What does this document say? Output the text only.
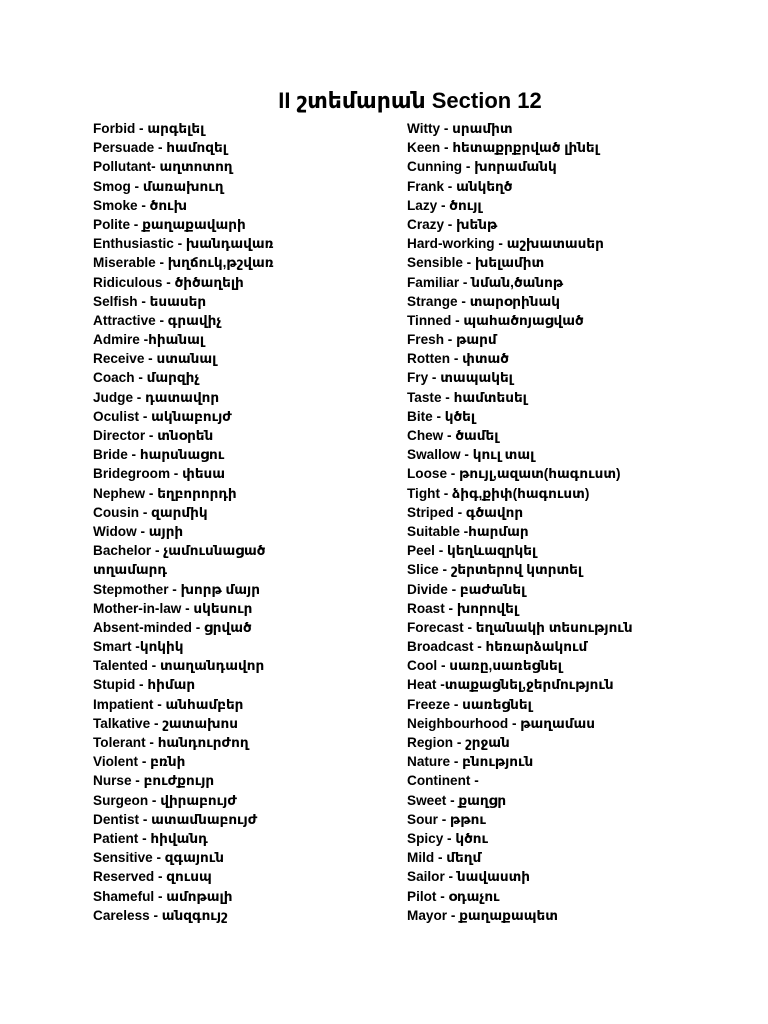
II շտեմարան Section 12
Forbid - արգելել
Persuade - համոզել
Pollutant- աղտոտող
Smog - մառախուղ
Smoke - ծուխ
Polite - քաղաքավարի
Enthusiastic - խանդավառ
Miserable - խղճուկ,թշվառ
Ridiculous - ծիծաղելի
Selfish - եսասեր
Attractive - գրավիչ
Admire -հիանալ
Receive - ստանալ
Coach - մարզիչ
Judge - դատավոր
Oculist - ակնաբույժ
Director - տնօրեն
Bride - հարսնացու
Bridegroom - փեսա
Nephew - եղբորորդի
Cousin - զարմիկ
Widow - այրի
Bachelor - չամուսնացած
տղամարդ
Stepmother - խորթ մայր
Mother-in-law - սկեսուր
Absent-minded - ցրված
Smart -կոկիկ
Talented - տաղանդավոր
Stupid - հիմար
Impatient - անհամբեր
Talkative - շատախոս
Tolerant - հանդուրժող
Violent - բռնի
Nurse - բուժքույր
Surgeon - վիրաբույժ
Dentist - ատամնաբույժ
Patient - հիվանդ
Sensitive - զգայուն
Reserved - զուսպ
Shameful - ամոթալի
Careless - անզգույշ
Witty - սրամիտ
Keen - հետաքրքրված լինել
Cunning - խորամանկ
Frank - անկեղծ
Lazy - ծույլ
Crazy - խենթ
Hard-working - աշխատասեր
Sensible - խելամիտ
Familiar - նման,ծանոթ
Strange - տարօրինակ
Tinned - պահածոյացված
Fresh - թարմ
Rotten - փտած
Fry - տապակել
Taste - համտեսել
Bite - կծել
Chew - ծամել
Swallow - կուլ տալ
Loose - թույլ,ազատ(հագուստ)
Tight - ձիգ,քիփ(հագուստ)
Striped - գծավոր
Suitable -հարմար
Peel - կեղևազրկել
Slice - շերտերով կտրտել
Divide - բաժանել
Roast - խորովել
Forecast - եղանակի տեսություն
Broadcast - հեռարձակում
Cool - սառը,սառեցնել
Heat -տաքացնել,ջերմություն
Freeze - սառեցնել
Neighbourhood - թաղամաս
Region - շրջան
Nature - բնություն
Continent -
Sweet - քաղցր
Sour - թթու
Spicy - կծու
Mild - մեղմ
Sailor - նավաստի
Pilot - օդաչու
Mayor - քաղաքապետ
